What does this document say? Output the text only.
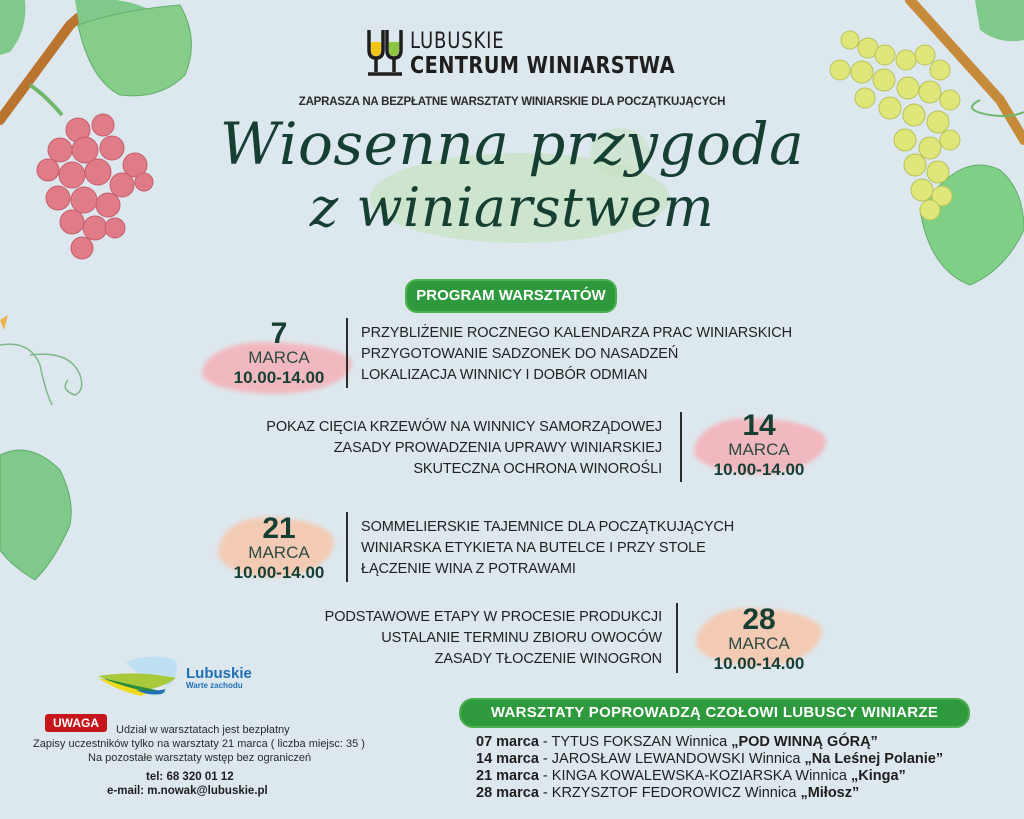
LUBUSKIE
CENTRUM WINIARSTWA
ZAPRASZA NA BEZPŁATNE WARSZTATY WINIARSKIE DLA POCZĄTKUJĄCYCH
Wiosenna przygoda
z winiarstwem
PROGRAM WARSZTATÓW
7
MARCA
10.00-14.00
PRZYBLIŻENIE ROCZNEGO KALENDARZA PRAC WINIARSKICH
PRZYGOTOWANIE SADZONEK DO NASADZEŃ
LOKALIZACJA WINNICY I DOBÓR ODMIAN
POKAZ CIĘCIA KRZEWÓW NA WINNICY SAMORZĄDOWEJ
ZASADY PROWADZENIA UPRAWY WINIARSKIEJ
SKUTECZNA OCHRONA WINOROŚLI
14
MARCA
10.00-14.00
21
MARCA
10.00-14.00
SOMMELIERSKIE TAJEMNICE DLA POCZĄTKUJĄCYCH
WINIARSKA ETYKIETA NA BUTELCE I PRZY STOLE
ŁĄCZENIE WINA Z POTRAWAMI
PODSTAWOWE ETAPY W PROCESIE PRODUKCJI
USTALANIE TERMINU ZBIORU OWOCÓW
ZASADY TŁOCZENIE WINOGRON
28
MARCA
10.00-14.00
Lubuskie
Warte zachodu
UWAGA	Udział w warsztatach jest bezpłatny
Zapisy uczestników tylko na warsztaty 21 marca ( liczba miejsc: 35 )
Na pozostałe warsztaty wstęp bez ograniczeń
tel: 68 320 01 12
e-mail: m.nowak@lubuskie.pl
WARSZTATY POPROWADZĄ CZOŁOWI LUBUSCY WINIARZE
07 marca - TYTUS FOKSZAN Winnica „POD WINNĄ GÓRĄ”
14 marca - JAROSŁAW LEWANDOWSKI Winnica „Na Leśnej Polanie”
21 marca - KINGA KOWALEWSKA-KOZIARSKA Winnica „Kinga”
28 marca - KRZYSZTOF FEDOROWICZ Winnica „Miłosz”
